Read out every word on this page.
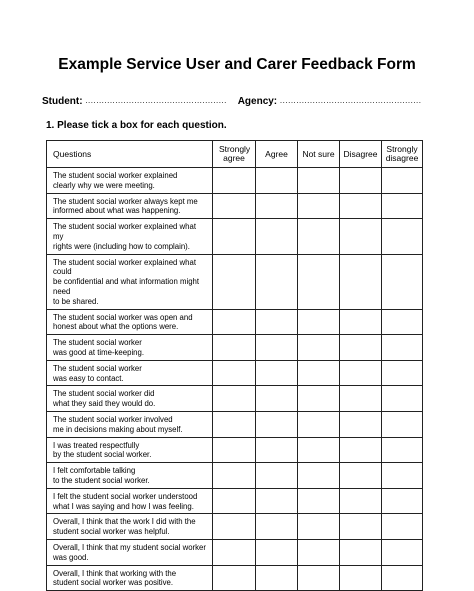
Example Service User and Carer Feedback Form
Student: .................................................... Agency: ....................................................
1. Please tick a box for each question.
Questions	Strongly agree	Agree	Not sure	Disagree	Strongly disagree

The student social worker explained
clearly why we were meeting.					

The student social worker always kept me
informed about what was happening.					

The student social worker explained what my
rights were (including how to complain).					

The student social worker explained what could
be confidential and what information might need
to be shared.					

The student social worker was open and
honest about what the options were.					

The student social worker
was good at time-keeping.					

The student social worker
was easy to contact.					

The student social worker did
what they said they would do.					

The student social worker involved
me in decisions making about myself.					

I was treated respectfully
by the student social worker.					

I felt comfortable talking
to the student social worker.					

I felt the student social worker understood
what I was saying and how I was feeling.					

Overall, I think that the work I did with the
student social worker was helpful.					

Overall, I think that my student social worker
was good.					

Overall, I think that working with the
student social worker was positive.					
